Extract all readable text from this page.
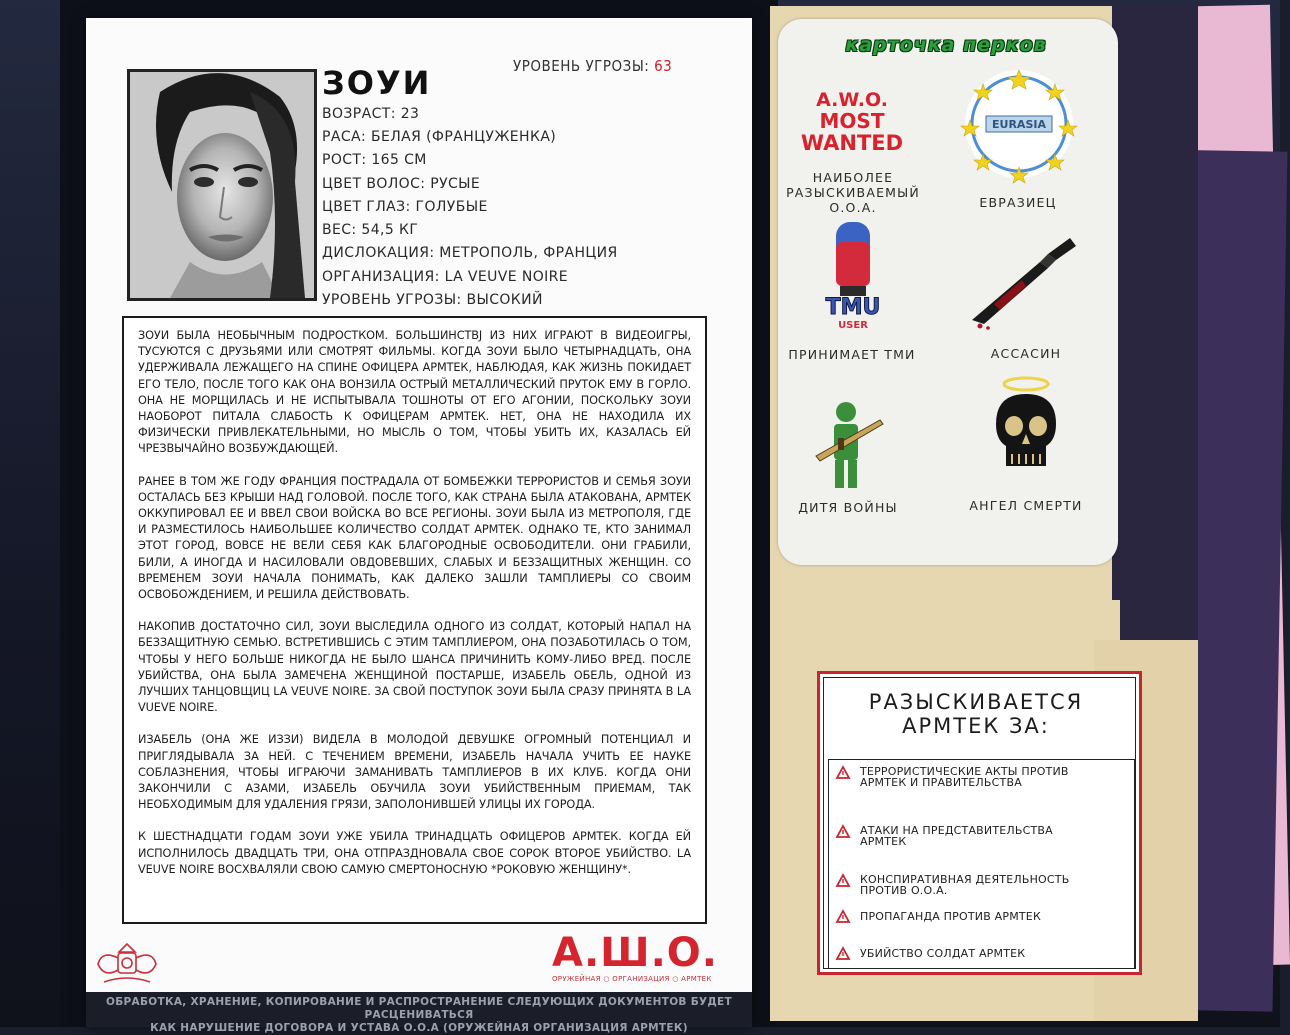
УРОВЕНЬ УГРОЗЫ: 63
ЗОУИ
ВОЗРАСТ: 23
РАСА: БЕЛАЯ (ФРАНЦУЖЕНКА)
РОСТ: 165 СМ
ЦВЕТ ВОЛОС: РУСЫЕ
ЦВЕТ ГЛАЗ: ГОЛУБЫЕ
ВЕС: 54,5 КГ
ДИСЛОКАЦИЯ: МЕТРОПОЛЬ, ФРАНЦИЯ
ОРГАНИЗАЦИЯ: LA VEUVE NOIRE
УРОВЕНЬ УГРОЗЫ: ВЫСОКИЙ

ЗОУИ БЫЛА НЕОБЫЧНЫМ ПОДРОСТКОМ. БОЛЬШИНСТВJ ИЗ НИХ ИГРАЮТ В ВИДЕОИГРЫ, ТУСУЮТСЯ С ДРУЗЬЯМИ ИЛИ СМОТРЯТ ФИЛЬМЫ. КОГДА ЗОУИ БЫЛО ЧЕТЫРНАДЦАТЬ, ОНА УДЕРЖИВАЛА ЛЕЖАЩЕГО НА СПИНЕ ОФИЦЕРА АРМТЕК, НАБЛЮДАЯ, КАК ЖИЗНЬ ПОКИДАЕТ ЕГО ТЕЛО, ПОСЛЕ ТОГО КАК ОНА ВОНЗИЛА ОСТРЫЙ МЕТАЛЛИЧЕСКИЙ ПРУТОК ЕМУ В ГОРЛО. ОНА НЕ МОРЩИЛАСЬ И НЕ ИСПЫТЫВАЛА ТОШНОТЫ ОТ ЕГО АГОНИИ, ПОСКОЛЬКУ ЗОУИ НАОБОРОТ ПИТАЛА СЛАБОСТЬ К ОФИЦЕРАМ АРМТЕК. НЕТ, ОНА НЕ НАХОДИЛА ИХ ФИЗИЧЕСКИ ПРИВЛЕКАТЕЛЬНЫМИ, НО МЫСЛЬ О ТОМ, ЧТОБЫ УБИТЬ ИХ, КАЗАЛАСЬ ЕЙ ЧРЕЗВЫЧАЙНО ВОЗБУЖДАЮЩЕЙ.

РАНЕЕ В ТОМ ЖЕ ГОДУ ФРАНЦИЯ ПОСТРАДАЛА ОТ БОМБЕЖКИ ТЕРРОРИСТОВ И СЕМЬЯ ЗОУИ ОСТАЛАСЬ БЕЗ КРЫШИ НАД ГОЛОВОЙ. ПОСЛЕ ТОГО, КАК СТРАНА БЫЛА АТАКОВАНА, АРМТЕК ОККУПИРОВАЛ ЕЕ И ВВЕЛ СВОИ ВОЙСКА ВО ВСЕ РЕГИОНЫ. ЗОУИ БЫЛА ИЗ МЕТРОПОЛЯ, ГДЕ И РАЗМЕСТИЛОСЬ НАИБОЛЬШЕЕ КОЛИЧЕСТВО СОЛДАТ АРМТЕК. ОДНАКО ТЕ, КТО ЗАНИМАЛ ЭТОТ ГОРОД, ВОВСЕ НЕ ВЕЛИ СЕБЯ КАК БЛАГОРОДНЫЕ ОСВОБОДИТЕЛИ. ОНИ ГРАБИЛИ, БИЛИ, А ИНОГДА И НАСИЛОВАЛИ ОВДОВЕВШИХ, СЛАБЫХ И БЕЗЗАЩИТНЫХ ЖЕНЩИН. СО ВРЕМЕНЕМ ЗОУИ НАЧАЛА ПОНИМАТЬ, КАК ДАЛЕКО ЗАШЛИ ТАМПЛИЕРЫ СО СВОИМ ОСВОБОЖДЕНИЕМ, И РЕШИЛА ДЕЙСТВОВАТЬ.

НАКОПИВ ДОСТАТОЧНО СИЛ, ЗОУИ ВЫСЛЕДИЛА ОДНОГО ИЗ СОЛДАТ, КОТОРЫЙ НАПАЛ НА БЕЗЗАЩИТНУЮ СЕМЬЮ. ВСТРЕТИВШИСЬ С ЭТИМ ТАМПЛИЕРОМ, ОНА ПОЗАБОТИЛАСЬ О ТОМ, ЧТОБЫ У НЕГО БОЛЬШЕ НИКОГДА НЕ БЫЛО ШАНСА ПРИЧИНИТЬ КОМУ-ЛИБО ВРЕД. ПОСЛЕ УБИЙСТВА, ОНА БЫЛА ЗАМЕЧЕНА ЖЕНЩИНОЙ ПОСТАРШЕ, ИЗАБЕЛЬ ОБЕЛЬ, ОДНОЙ ИЗ ЛУЧШИХ ТАНЦОВЩИЦ LA VEUVE NOIRE. ЗА СВОЙ ПОСТУПОК ЗОУИ БЫЛА СРАЗУ ПРИНЯТА В LA VUEVE NOIRE.

ИЗАБЕЛЬ (ОНА ЖЕ ИЗЗИ) ВИДЕЛА В МОЛОДОЙ ДЕВУШКЕ ОГРОМНЫЙ ПОТЕНЦИАЛ И ПРИГЛЯДЫВАЛА ЗА НЕЙ. С ТЕЧЕНИЕМ ВРЕМЕНИ, ИЗАБЕЛЬ НАЧАЛА УЧИТЬ ЕЕ НАУКЕ СОБЛАЗНЕНИЯ, ЧТОБЫ ИГРАЮЧИ ЗАМАНИВАТЬ ТАМПЛИЕРОВ В ИХ КЛУБ. КОГДА ОНИ ЗАКОНЧИЛИ С АЗАМИ, ИЗАБЕЛЬ ОБУЧИЛА ЗОУИ УБИЙСТВЕННЫМ ПРИЕМАМ, ТАК НЕОБХОДИМЫМ ДЛЯ УДАЛЕНИЯ ГРЯЗИ, ЗАПОЛОНИВШЕЙ УЛИЦЫ ИХ ГОРОДА.

К ШЕСТНАДЦАТИ ГОДАМ ЗОУИ УЖЕ УБИЛА ТРИНАДЦАТЬ ОФИЦЕРОВ АРМТЕК. КОГДА ЕЙ ИСПОЛНИЛОСЬ ДВАДЦАТЬ ТРИ, ОНА ОТПРАЗДНОВАЛА СВОЕ СОРОК ВТОРОЕ УБИЙСТВО. LA VEUVE NOIRE ВОСХВАЛЯЛИ СВОЮ САМУЮ СМЕРТОНОСНУЮ *РОКОВУЮ ЖЕНЩИНУ*.

А.Ш.О.
ОРУЖЕЙНАЯ ○ ОРГАНИЗАЦИЯ ○ АРМТЕК
ОБРАБОТКА, ХРАНЕНИЕ, КОПИРОВАНИЕ И РАСПРОСТРАНЕНИЕ СЛЕДУЮЩИХ ДОКУМЕНТОВ БУДЕТ РАСЦЕНИВАТЬСЯ
КАК НАРУШЕНИЕ ДОГОВОРА И УСТАВА О.О.А (ОРУЖЕЙНАЯ ОРГАНИЗАЦИЯ АРМТЕК)
карточка перков
A.W.O.
MOST
WANTED
НАИБОЛЕЕ
РАЗЫСКИВАЕМЫЙ
О.О.А.
EURASIA
ЕВРАЗИЕЦ
TMU
USER
ПРИНИМАЕТ ТМИ	АССАСИН
ДИТЯ ВОЙНЫ	АНГЕЛ СМЕРТИ
РАЗЫСКИВАЕТСЯ
АРМТЕК ЗА:
ТЕРРОРИСТИЧЕСКИЕ АКТЫ ПРОТИВ
АРМТЕК И ПРАВИТЕЛЬСТВА
АТАКИ НА ПРЕДСТАВИТЕЛЬСТВА
АРМТЕК
КОНСПИРАТИВНАЯ ДЕЯТЕЛЬНОСТЬ
ПРОТИВ О.О.А.
ПРОПАГАНДА ПРОТИВ АРМТЕК
УБИЙСТВО СОЛДАТ АРМТЕК
